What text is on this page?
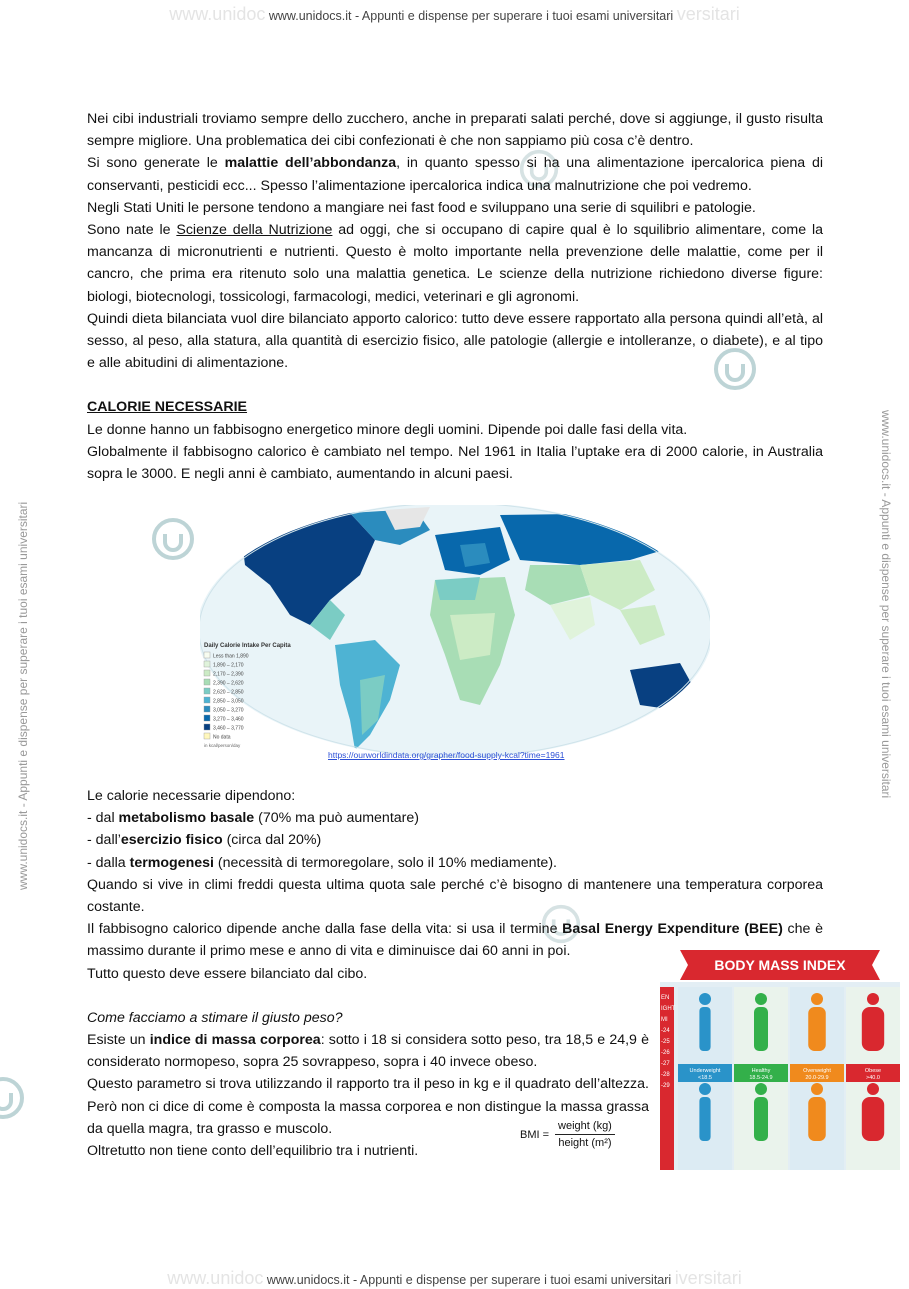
www.unidoc www.unidocs.it - Appunti e dispense per superare i tuoi esami universitari versitari
www.unidocs.it - Appunti e dispense per superare i tuoi esami universitari	www.unidocs.it - Appunti e dispense per superare i tuoi esami universitari

Nei cibi industriali troviamo sempre dello zucchero, anche in preparati salati perché, dove si aggiunge, il gusto risulta sempre migliore. Una problematica dei cibi confezionati è che non sappiamo più cosa c’è dentro.

Si sono generate le malattie dell’abbondanza, in quanto spesso si ha una alimentazione ipercalorica piena di conservanti, pesticidi ecc... Spesso l’alimentazione ipercalorica indica una malnutrizione che poi vedremo.

Negli Stati Uniti le persone tendono a mangiare nei fast food e sviluppano una serie di squilibri e patologie.

Sono nate le Scienze della Nutrizione ad oggi, che si occupano di capire qual è lo squilibrio alimentare, come la mancanza di micronutrienti e nutrienti. Questo è molto importante nella prevenzione delle malattie, come per il cancro, che prima era ritenuto solo una malattia genetica. Le scienze della nutrizione richiedono diverse figure: biologi, biotecnologi, tossicologi, farmacologi, medici, veterinari e gli agronomi.

Quindi dieta bilanciata vuol dire bilanciato apporto calorico: tutto deve essere rapportato alla persona quindi all’età, al sesso, al peso, alla statura, alla quantità di esercizio fisico, alle patologie (allergie e intolleranze, o diabete), e al tipo e alle abitudini di alimentazione.

CALORIE NECESSARIE

Le donne hanno un fabbisogno energetico minore degli uomini. Dipende poi dalle fasi della vita.

Globalmente il fabbisogno calorico è cambiato nel tempo. Nel 1961 in Italia l’uptake era di 2000 calorie, in Australia sopra le 3000. E negli anni è cambiato, aumentando in alcuni paesi.

Daily Calorie Intake Per Capita
Less than 1,890
1,890 – 2,170
2,170 – 2,390
2,390 – 2,620
2,620 – 2,850
2,850 – 3,050
3,050 – 3,270
3,270 – 3,460
3,460 – 3,770
No data
in kcal/person/day
https://ourworldindata.org/grapher/food-supply-kcal?time=1961

Le calorie necessarie dipendono:

- dal metabolismo basale (70% ma può aumentare)

- dall’esercizio fisico (circa dal 20%)

- dalla termogenesi (necessità di termoregolare, solo il 10% mediamente).

Quando si vive in climi freddi questa ultima quota sale perché c’è bisogno di mantenere una temperatura corporea costante.

Il fabbisogno calorico dipende anche dalla fase della vita: si usa il termine Basal Energy Expenditure (BEE) che è massimo durante il primo mese e anno di vita e diminuisce dai 60 anni in poi.

Tutto questo deve essere bilanciato dal cibo.

Come facciamo a stimare il giusto peso?

Esiste un indice di massa corporea: sotto i 18 si considera sotto peso, tra 18,5 e 24,9 è considerato normopeso, sopra 25 sovrappeso, sopra i 40 invece obeso.

Questo parametro si trova utilizzando il rapporto tra il peso in kg e il quadrato dell’altezza. Però non ci dice di come è composta la massa corporea e non distingue la massa grassa da quella magra, tra grasso e muscolo.

Oltretutto non tiene conto dell’equilibrio tra i nutrienti.

BMI = $\frac{\text{weight (kg)}}{\text{height (m²)}}$
BODY MASS INDEX
EN
IGHT
MI
-24
-25
-26
-27
-28
-29
Underweight
<18.5
Healthy
18.5-24.9
Overweight
20.0-29.9
Obese
>40.0
www.unidoc www.unidocs.it - Appunti e dispense per superare i tuoi esami universitari iversitari
